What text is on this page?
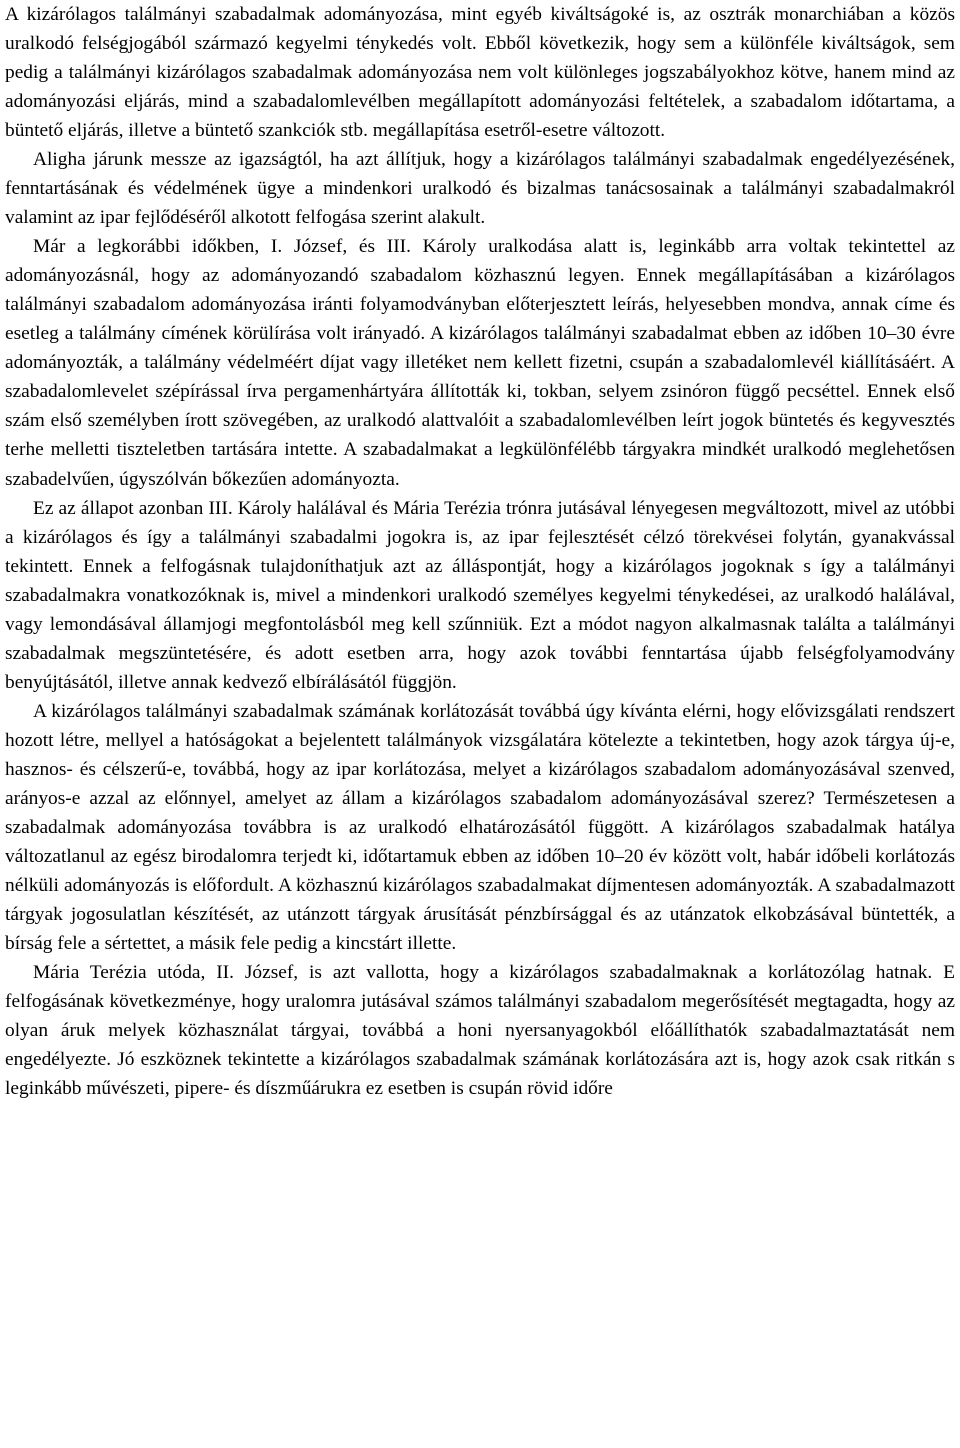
A kizárólagos találmányi szabadalmak adományozása, mint egyéb kiváltságoké is, az osztrák monarchiában a közös uralkodó felségjogából származó kegyelmi ténykedés volt. Ebből következik, hogy sem a különféle kiváltságok, sem pedig a találmányi kizárólagos szabadalmak adományozása nem volt különleges jogszabályokhoz kötve, hanem mind az adományozási eljárás, mind a szabadalomlevélben megállapított adományozási feltételek, a szabadalom időtartama, a büntető eljárás, illetve a büntető szankciók stb. megállapítása esetről-esetre változott.

Aligha járunk messze az igazságtól, ha azt állítjuk, hogy a kizárólagos találmányi szabadalmak engedélyezésének, fenntartásának és védelmének ügye a mindenkori uralkodó és bizalmas tanácsosainak a találmányi szabadalmakról valamint az ipar fejlődéséről alkotott felfogása szerint alakult.

Már a legkorábbi időkben, I. József, és III. Károly uralkodása alatt is, leginkább arra voltak tekintettel az adományozásnál, hogy az adományozandó szabadalom közhasznú legyen. Ennek megállapításában a kizárólagos találmányi szabadalom adományozása iránti folyamodványban előterjesztett leírás, helyesebben mondva, annak címe és esetleg a találmány címének körülírása volt irányadó. A kizárólagos találmányi szabadalmat ebben az időben 10–30 évre adományozták, a találmány védelméért díjat vagy illetéket nem kellett fizetni, csupán a szabadalomlevél kiállításáért. A szabadalomlevelet szépírással írva pergamenhártyára állították ki, tokban, selyem zsinóron függő pecséttel. Ennek első szám első személyben írott szövegében, az uralkodó alattvalóit a szabadalomlevélben leírt jogok büntetés és kegyvesztés terhe melletti tiszteletben tartására intette. A szabadalmakat a legkülönfélébb tárgyakra mindkét uralkodó meglehetősen szabadelvűen, úgyszólván bőkezűen adományozta.

Ez az állapot azonban III. Károly halálával és Mária Terézia trónra jutásával lényegesen megváltozott, mivel az utóbbi a kizárólagos és így a találmányi szabadalmi jogokra is, az ipar fejlesztését célzó törekvései folytán, gyanakvással tekintett. Ennek a felfogásnak tulajdoníthatjuk azt az álláspontját, hogy a kizárólagos jogoknak s így a találmányi szabadalmakra vonatkozóknak is, mivel a mindenkori uralkodó személyes kegyelmi ténykedései, az uralkodó halálával, vagy lemondásával államjogi megfontolásból meg kell szűnniük. Ezt a módot nagyon alkalmasnak találta a találmányi szabadalmak megszüntetésére, és adott esetben arra, hogy azok további fenntartása újabb felségfolyamodvány benyújtásától, illetve annak kedvező elbírálásától függjön.

A kizárólagos találmányi szabadalmak számának korlátozását továbbá úgy kívánta elérni, hogy elővizsgálati rendszert hozott létre, mellyel a hatóságokat a bejelentett találmányok vizsgálatára kötelezte a tekintetben, hogy azok tárgya új-e, hasznos- és célszerű-e, továbbá, hogy az ipar korlátozása, melyet a kizárólagos szabadalom adományozásával szenved, arányos-e azzal az előnnyel, amelyet az állam a kizárólagos szabadalom adományozásával szerez? Természetesen a szabadalmak adományozása továbbra is az uralkodó elhatározásától függött. A kizárólagos szabadalmak hatálya változatlanul az egész birodalomra terjedt ki, időtartamuk ebben az időben 10–20 év között volt, habár időbeli korlátozás nélküli adományozás is előfordult. A közhasznú kizárólagos szabadalmakat díjmentesen adományozták. A szabadalmazott tárgyak jogosulatlan készítését, az utánzott tárgyak árusítását pénzbírsággal és az utánzatok elkobzásával büntették, a bírság fele a sértettet, a másik fele pedig a kincstárt illette.

Mária Terézia utóda, II. József, is azt vallotta, hogy a kizárólagos szabadalmaknak a korlátozólag hatnak. E felfogásának következménye, hogy uralomra jutásával számos találmányi szabadalom megerősítését megtagadta, hogy az olyan áruk melyek közhasználat tárgyai, továbbá a honi nyersanyagokból előállíthatók szabadalmaztatását nem engedélyezte. Jó eszköznek tekintette a kizárólagos szabadalmak számának korlátozására azt is, hogy azok csak ritkán s leginkább művészeti, pipere- és díszműárukra ez esetben is csupán rövid időre
